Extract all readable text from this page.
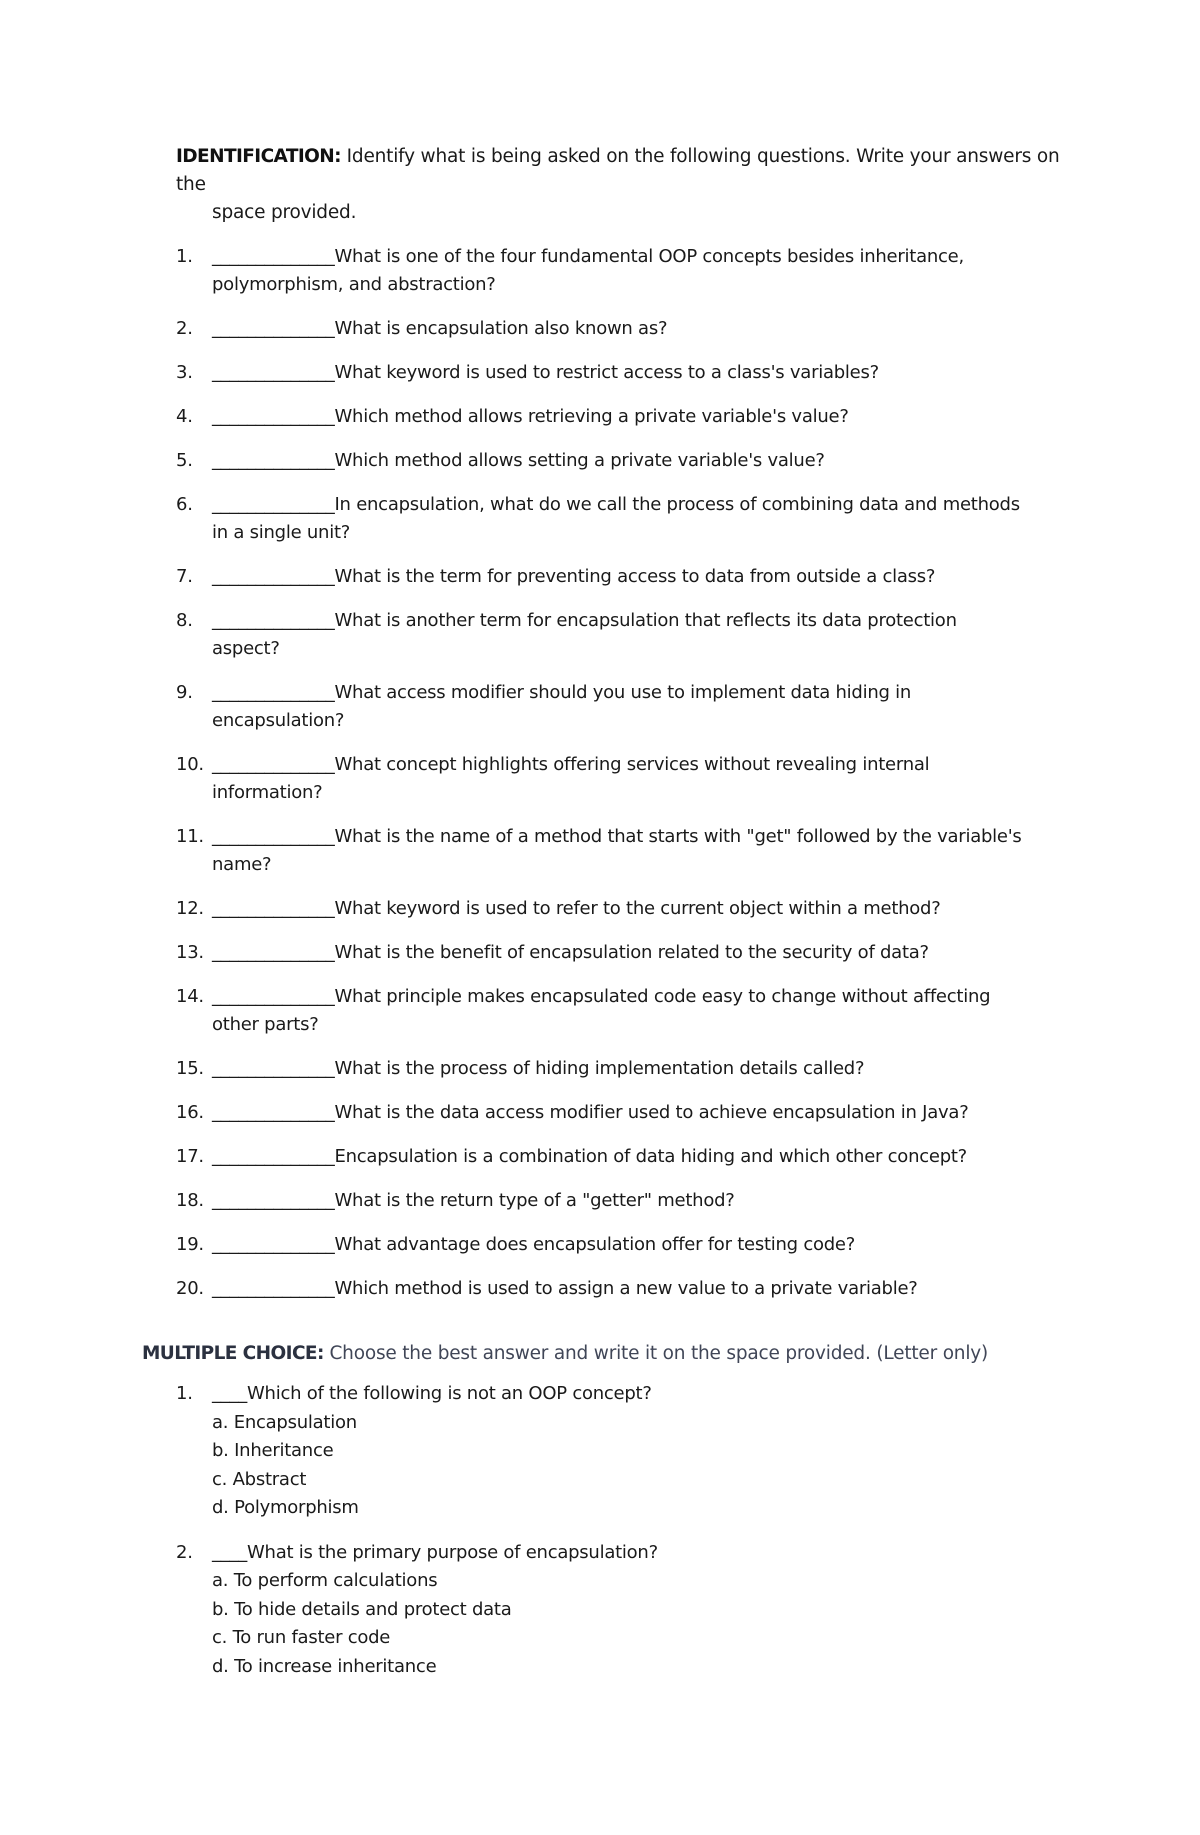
IDENTIFICATION: Identify what is being asked on the following questions. Write your answers on the
space provided.
1. ______________What is one of the four fundamental OOP concepts besides inheritance,
polymorphism, and abstraction?
2. ______________What is encapsulation also known as?
3. ______________What keyword is used to restrict access to a class's variables?
4. ______________Which method allows retrieving a private variable's value?
5. ______________Which method allows setting a private variable's value?
6. ______________In encapsulation, what do we call the process of combining data and methods
in a single unit?
7. ______________What is the term for preventing access to data from outside a class?
8. ______________What is another term for encapsulation that reflects its data protection
aspect?
9. ______________What access modifier should you use to implement data hiding in
encapsulation?
10. ______________What concept highlights offering services without revealing internal
information?
11. ______________What is the name of a method that starts with "get" followed by the variable's
name?
12. ______________What keyword is used to refer to the current object within a method?
13. ______________What is the benefit of encapsulation related to the security of data?
14. ______________What principle makes encapsulated code easy to change without affecting
other parts?
15. ______________What is the process of hiding implementation details called?
16. ______________What is the data access modifier used to achieve encapsulation in Java?
17. ______________Encapsulation is a combination of data hiding and which other concept?
18. ______________What is the return type of a "getter" method?
19. ______________What advantage does encapsulation offer for testing code?
20. ______________Which method is used to assign a new value to a private variable?
MULTIPLE CHOICE: Choose the best answer and write it on the space provided. (Letter only)
1. ____Which of the following is not an OOP concept?
a. Encapsulation
b. Inheritance
c. Abstract
d. Polymorphism
2. ____What is the primary purpose of encapsulation?
a. To perform calculations
b. To hide details and protect data
c. To run faster code
d. To increase inheritance
